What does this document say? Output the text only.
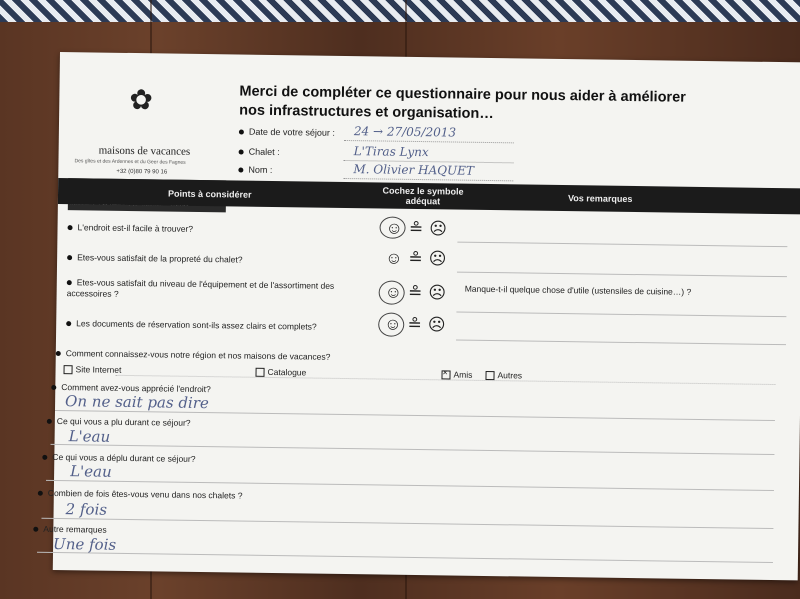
✿
maisons de vacances
Des gîtes et des Ardennes et du Geer des Fagnes
+32 (0)80 79 90 16
Merci de compléter ce questionnaire pour nous aider à améliorer
nos infrastructures et organisation…
Date de votre séjour : 24 → 27/05/2013
Chalet :	L'Tiras Lynx
Nom :	M. Olivier HAQUET
Points à considérer	Cochez le symbole adéquat	Vos remarques
L'endroit est-il facile à trouver?	☺≗☹
Etes-vous satisfait de la propreté du chalet?	☺≗☹
Etes-vous satisfait du niveau de l'équipement et de l'assortiment des accessoires ?	☺≗☹ Manque-t-il quelque chose d'utile (ustensiles de cuisine…) ?
Les documents de réservation sont-ils assez clairs et complets?	☺≗☹
Comment connaissez-vous notre région et nos maisons de vacances?
Site Internet	Catalogue
×	Amis	Autres
Comment avez-vous apprécié l'endroit?
On ne sait pas dire
Ce qui vous a plu durant ce séjour?
L'eau
Ce qui vous a déplu durant ce séjour?
L'eau
Combien de fois êtes-vous venu dans nos chalets ?
2 fois
Autre remarques
Une fois
